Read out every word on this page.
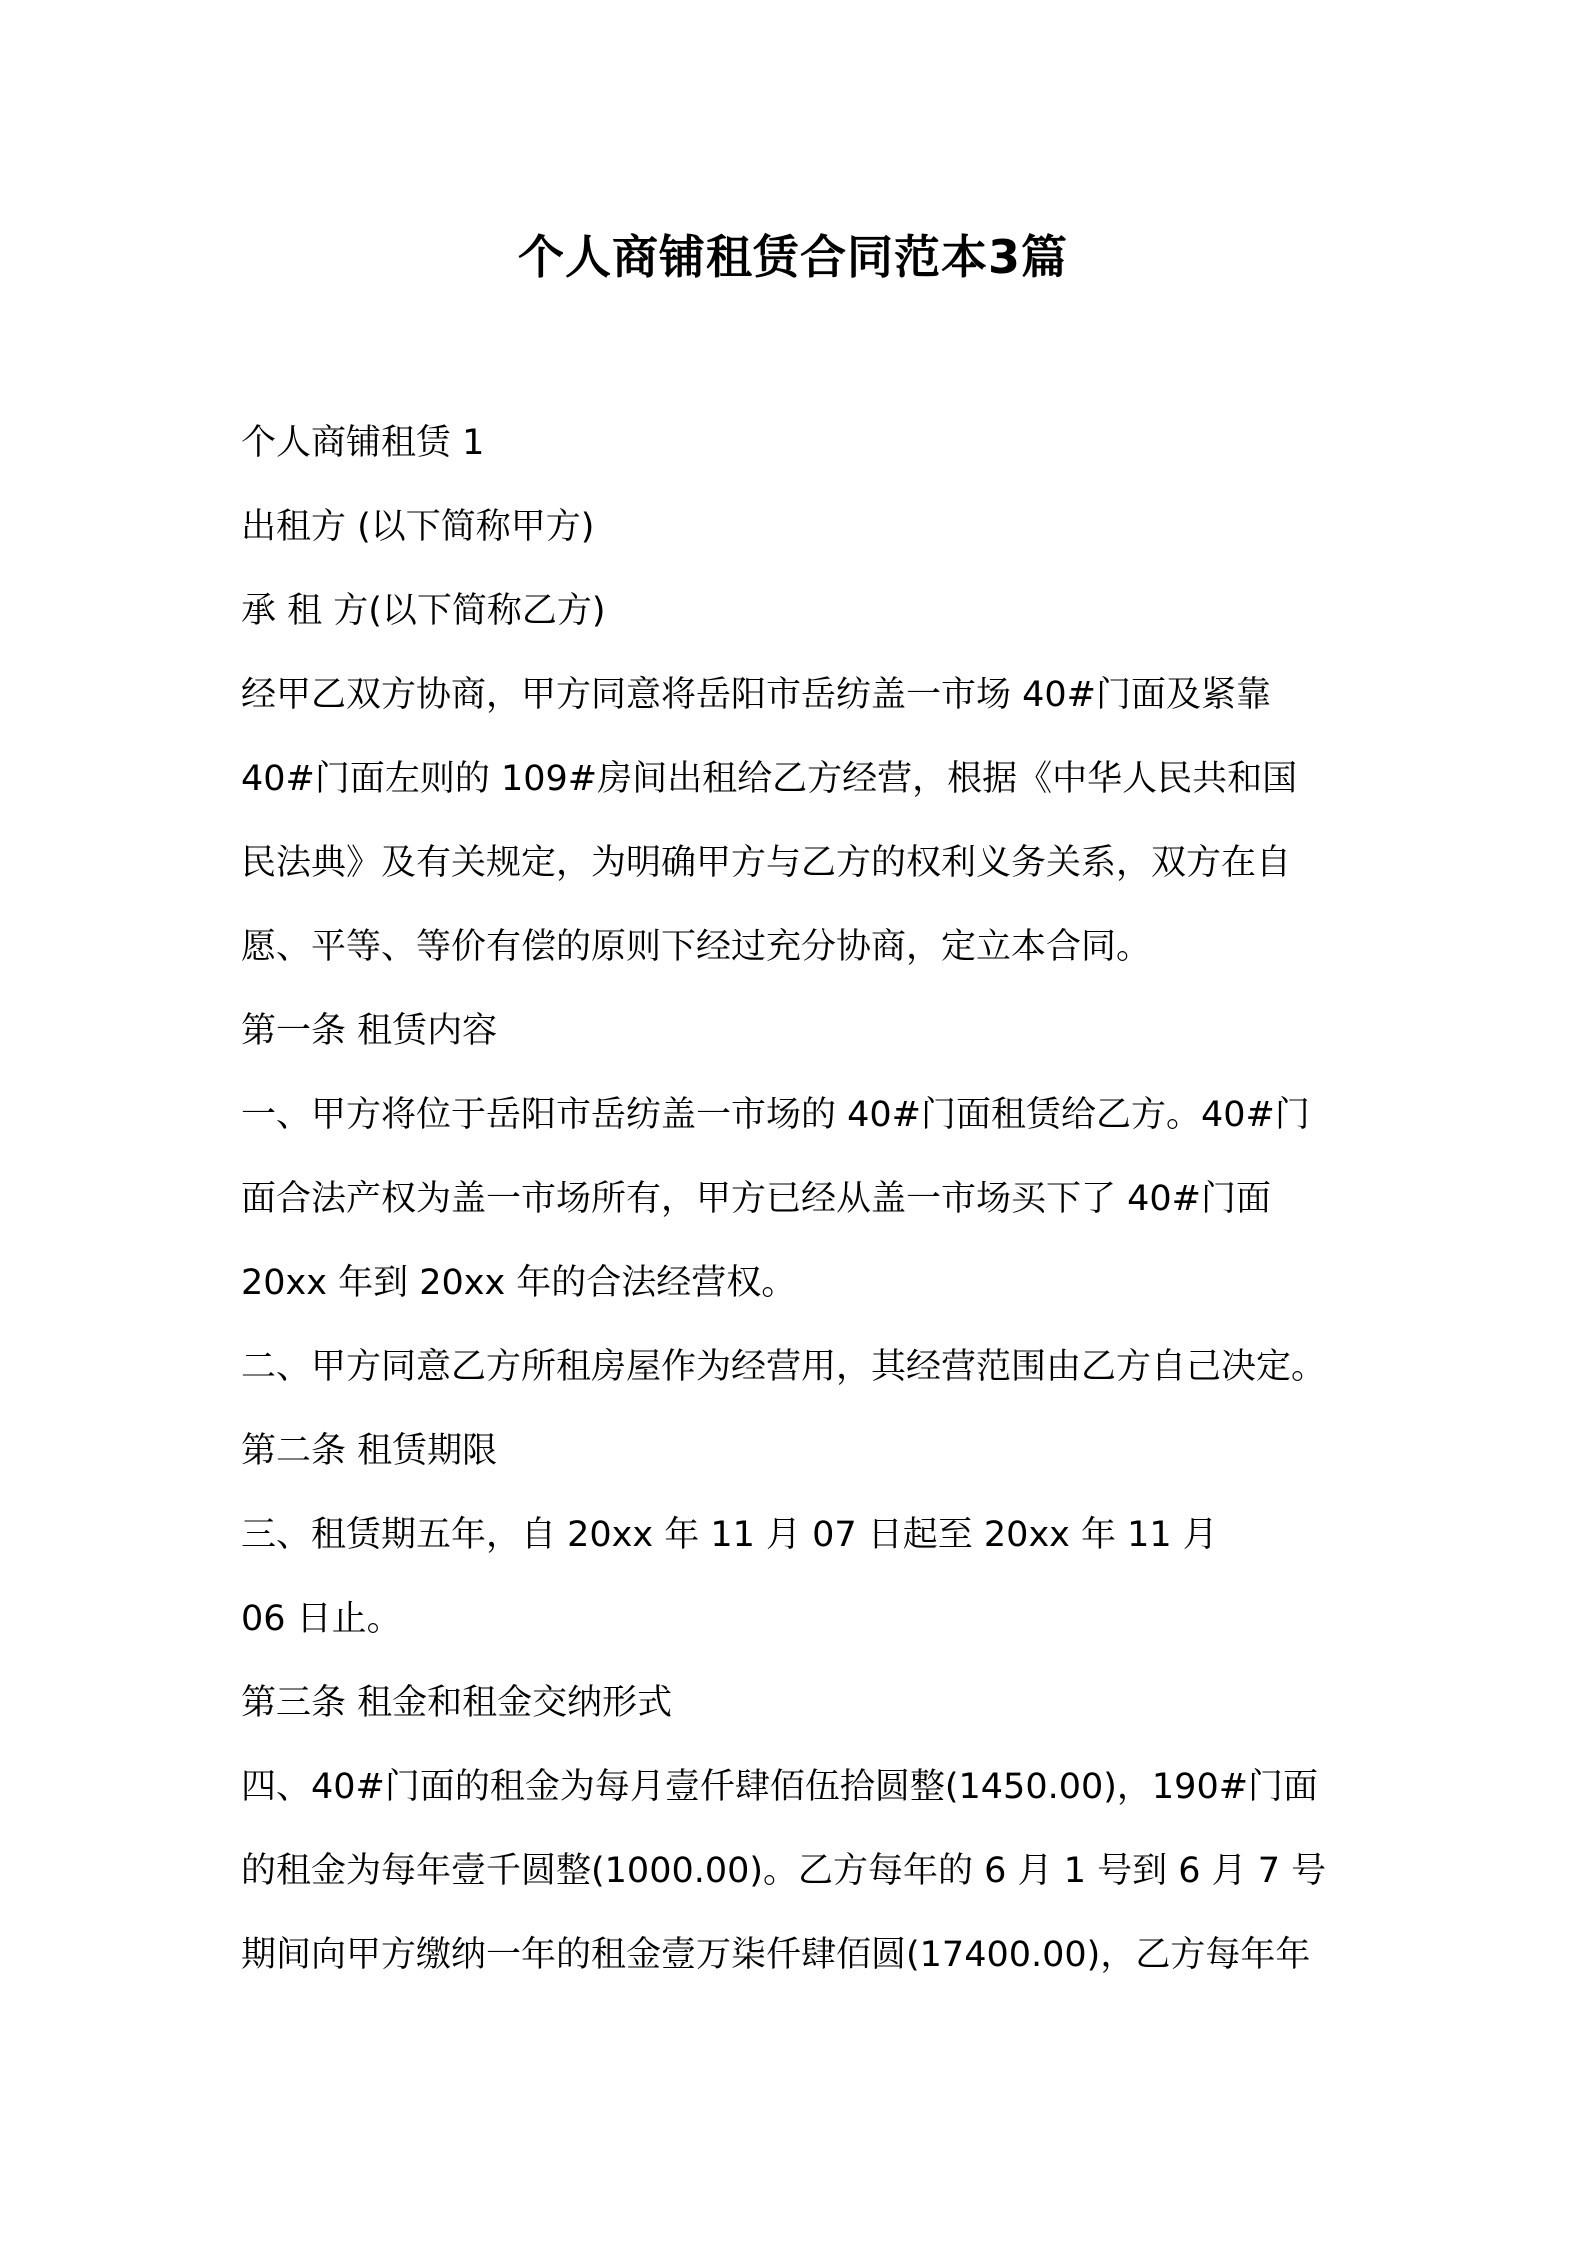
个人商铺租赁合同范本3篇
个人商铺租赁 1
出租方 (以下简称甲方)
承 租 方(以下简称乙方)
经甲乙双方协商，甲方同意将岳阳市岳纺盖一市场 40#门面及紧靠
40#门面左则的 109#房间出租给乙方经营，根据《中华人民共和国
民法典》及有关规定，为明确甲方与乙方的权利义务关系，双方在自
愿、平等、等价有偿的原则下经过充分协商，定立本合同。
第一条 租赁内容
一、甲方将位于岳阳市岳纺盖一市场的 40#门面租赁给乙方。40#门
面合法产权为盖一市场所有，甲方已经从盖一市场买下了 40#门面
20xx 年到 20xx 年的合法经营权。
二、甲方同意乙方所租房屋作为经营用，其经营范围由乙方自己决定。
第二条 租赁期限
三、租赁期五年，自 20xx 年 11 月 07 日起至 20xx 年 11 月
06 日止。
第三条 租金和租金交纳形式
四、40#门面的租金为每月壹仟肆佰伍拾圆整(1450.00)，190#门面
的租金为每年壹千圆整(1000.00)。乙方每年的 6 月 1 号到 6 月 7 号
期间向甲方缴纳一年的租金壹万柒仟肆佰圆(17400.00)，乙方每年年
